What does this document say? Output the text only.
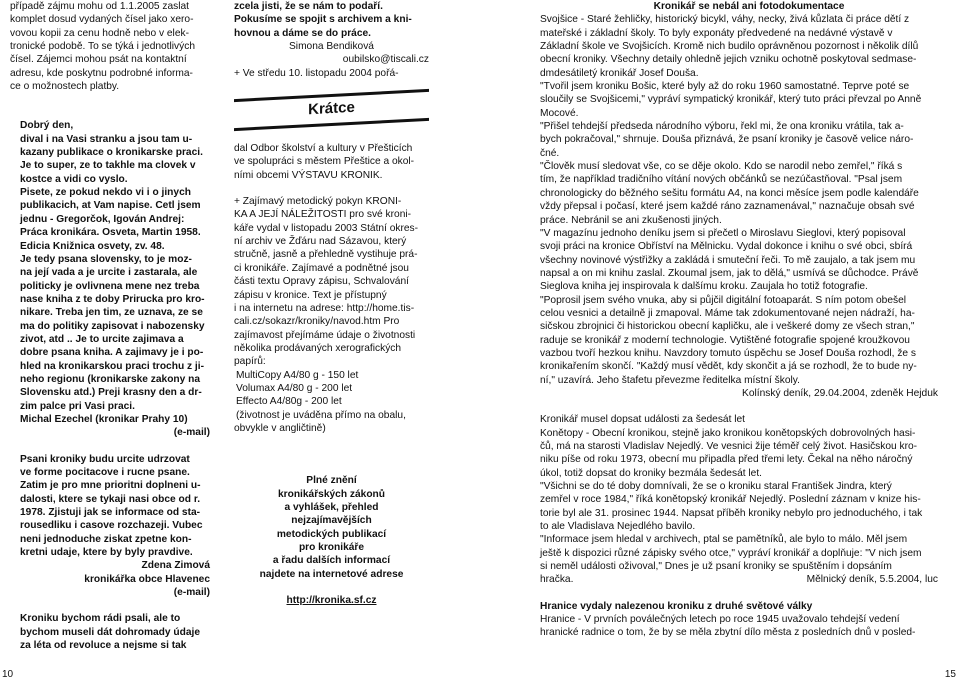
případě zájmu mohu od 1.1.2005 zaslat

komplet dosud vydaných čísel jako xero-

vovou kopii za cenu hodně nebo v elek-

tronické podobě. To se týká i jednotlivých

čísel. Zájemci mohou psát na kontaktní

adresu, kde poskytnu podrobné informa-

ce o možnostech platby.

Dobrý den,

dival i na Vasi stranku a jsou tam u-

kazany publikace o kronikarske praci.

Je to super, ze to takhle ma clovek v

kostce a vidi co vyslo.

Pisete, ze pokud nekdo vi i o jinych

publikacich, at Vam napise. Cetl jsem

jednu - Gregorčok, Igován Andrej:

Práca kronikára. Osveta, Martin 1958.

Edicia Knižnica osvety, zv. 48.

Je tedy psana slovensky, to je moz-

na její vada a je urcite i zastarala, ale

politicky je ovlivnena mene nez treba

nase kniha z te doby Prirucka pro kro-

nikare. Treba jen tim, ze uznava, ze se

ma do politiky zapisovat i nabozensky

zivot, atd .. Je to urcite zajimava a

dobre psana kniha. A zajimavy je i po-

hled na kronikarskou praci trochu z ji-

neho regionu (kronikarske zakony na

Slovensku atd.) Preji krasny den a dr-

zim palce pri Vasi praci.

Michal Ezechel (kronikar Prahy 10)

(e-mail)

Psani kroniky budu urcite udrzovat

ve forme pocitacove i rucne psane.

Zatim je pro mne prioritni doplneni u-

dalosti, ktere se tykaji nasi obce od r.

1978. Zjistuji jak se informace od sta-

rousedliku i casove rozchazeji. Vubec

neni jednoduche ziskat zpetne kon-

kretni udaje, ktere by byly pravdive.

Zdena Zimová

kronikářka obce Hlavenec

(e-mail)

Kroniku bychom rádi psali, ale to

bychom museli dát dohromady údaje

za léta od revoluce a nejsme si tak

zcela jisti, že se nám to podaří.

Pokusíme se spojit s archivem a kni-

hovnou a dáme se do práce.

Simona Bendiková

oubilsko@tiscali.cz

+ Ve středu 10. listopadu 2004 pořá-

Krátce

dal Odbor školství a kultury v Přešticích

ve spolupráci s městem Přeštice a okol-

ními obcemi VÝSTAVU KRONIK.

+ Zajímavý metodický pokyn KRONI-

KA A JEJÍ NÁLEŽITOSTI pro své kroni-

káře vydal v listopadu 2003 Státní okres-

ní archiv ve Žďáru nad Sázavou, který

stručně, jasně a přehledně vystihuje prá-

ci kronikáře. Zajímavé a podnětné jsou

části textu Opravy zápisu, Schvalování

zápisu v kronice. Text je přístupný

i na internetu na adrese: http://home.tis-

cali.cz/sokazr/kroniky/navod.htm Pro

zajímavost přejímáme údaje o životnosti

několika prodávaných xerografických

papírů:

MultiCopy A4/80 g - 150 let

Volumax A4/80 g - 200 let

Effecto A4/80g - 200 let

(životnost je uváděna přímo na obalu,

obvykle v angličtině)

Plné znění

kronikářských zákonů

a vyhlášek, přehled

nejzajímavějších

metodických publikací

pro kronikáře

a řadu dalších informací

najdete na internetové adrese

http://kronika.sf.cz

Kronikář se nebál ani fotodokumentace

Svojšice - Staré žehličky, historický bicykl, váhy, necky, živá kůzlata či práce dětí z

mateřské i základní školy. To byly exponáty předvedené na nedávné výstavě v

Základní škole ve Svojšicích. Kromě nich budilo oprávněnou pozornost i několik dílů

obecní kroniky. Všechny detaily ohledně jejich vzniku ochotně poskytoval sedmase-

dmdesátiletý kronikář Josef Douša.

"Tvořil jsem kroniku Bošic, které byly až do roku 1960 samostatné. Teprve poté se

sloučily se Svojšicemi," vypráví sympatický kronikář, který tuto práci převzal po Anně

Mocové.

"Přišel tehdejší předseda národního výboru, řekl mi, že ona kroniku vrátila, tak a-

bych pokračoval," shrnuje. Douša přiznává, že psaní kroniky je časově velice náro-

čné.

"Člověk musí sledovat vše, co se děje okolo. Kdo se narodil nebo zemřel," říká s

tím, že například tradičního vítání nových občánků se nezúčastňoval. "Psal jsem

chronologicky do běžného sešitu formátu A4, na konci měsíce jsem podle kalendáře

vždy přepsal i počasí, které jsem každé ráno zaznamenával," naznačuje obsah své

práce. Nebránil se ani zkušenosti jiných.

"V magazínu jednoho deníku jsem si přečetl o Miroslavu Sieglovi, který popisoval

svoji práci na kronice Obříství na Mělnicku. Vydal dokonce i knihu o své obci, sbírá

všechny novinové výstřižky a zakládá i smuteční řeči. To mě zaujalo, a tak jsem mu

napsal a on mi knihu zaslal. Zkoumal jsem, jak to dělá," usmívá se důchodce. Právě

Sieglova kniha jej inspirovala k dalšímu kroku. Zaujala ho totiž fotografie.

"Poprosil jsem svého vnuka, aby si půjčil digitální fotoaparát. S ním potom obešel

celou vesnici a detailně ji zmapoval. Máme tak zdokumentované nejen nádraží, ha-

sičskou zbrojnici či historickou obecní kapličku, ale i veškeré domy ze všech stran,"

raduje se kronikář z moderní technologie. Vytištěné fotografie spojené kroužkovou

vazbou tvoří hezkou knihu. Navzdory tomuto úspěchu se Josef Douša rozhodl, že s

kronikařením skončí. "Každý musí vědět, kdy skončit a já se rozhodl, že to bude ny-

ní," uzavírá. Jeho štafetu převezme ředitelka místní školy.

Kolínský deník, 29.04.2004, zdeněk Hejduk

Kronikář musel dopsat události za šedesát let

Konětopy - Obecní kronikou, stejně jako kronikou konětopských dobrovolných hasi-

čů, má na starosti Vladislav Nejedlý. Ve vesnici žije téměř celý život. Hasičskou kro-

niku píše od roku 1973, obecní mu připadla před třemi lety. Čekal na něho náročný

úkol, totiž dopsat do kroniky bezmála šedesát let.

"Všichni se do té doby domnívali, že se o kroniku staral František Jindra, který

zemřel v roce 1984," říká konětopský kronikář Nejedlý. Poslední záznam v knize his-

torie byl ale 31. prosinec 1944. Napsat příběh kroniky nebylo pro jednoduchého, i tak

to ale Vladislava Nejedlého bavilo.

"Informace jsem hledal v archivech, ptal se pamětníků, ale bylo to málo. Měl jsem

ještě k dispozici různé zápisky svého otce," vypráví kronikář a doplňuje: "V nich jsem

si neměl události oživoval," Dnes je už psaní kroniky se spuštěním i dopsáním

hračka.	Mělnický deník, 5.5.2004, luc

Hranice vydaly nalezenou kroniku z druhé světové války

Hranice - V prvních poválečných letech po roce 1945 uvažovalo tehdejší vedení

hranické radnice o tom, že by se měla zbytní dílo města z posledních dnů v posled-

10	15
